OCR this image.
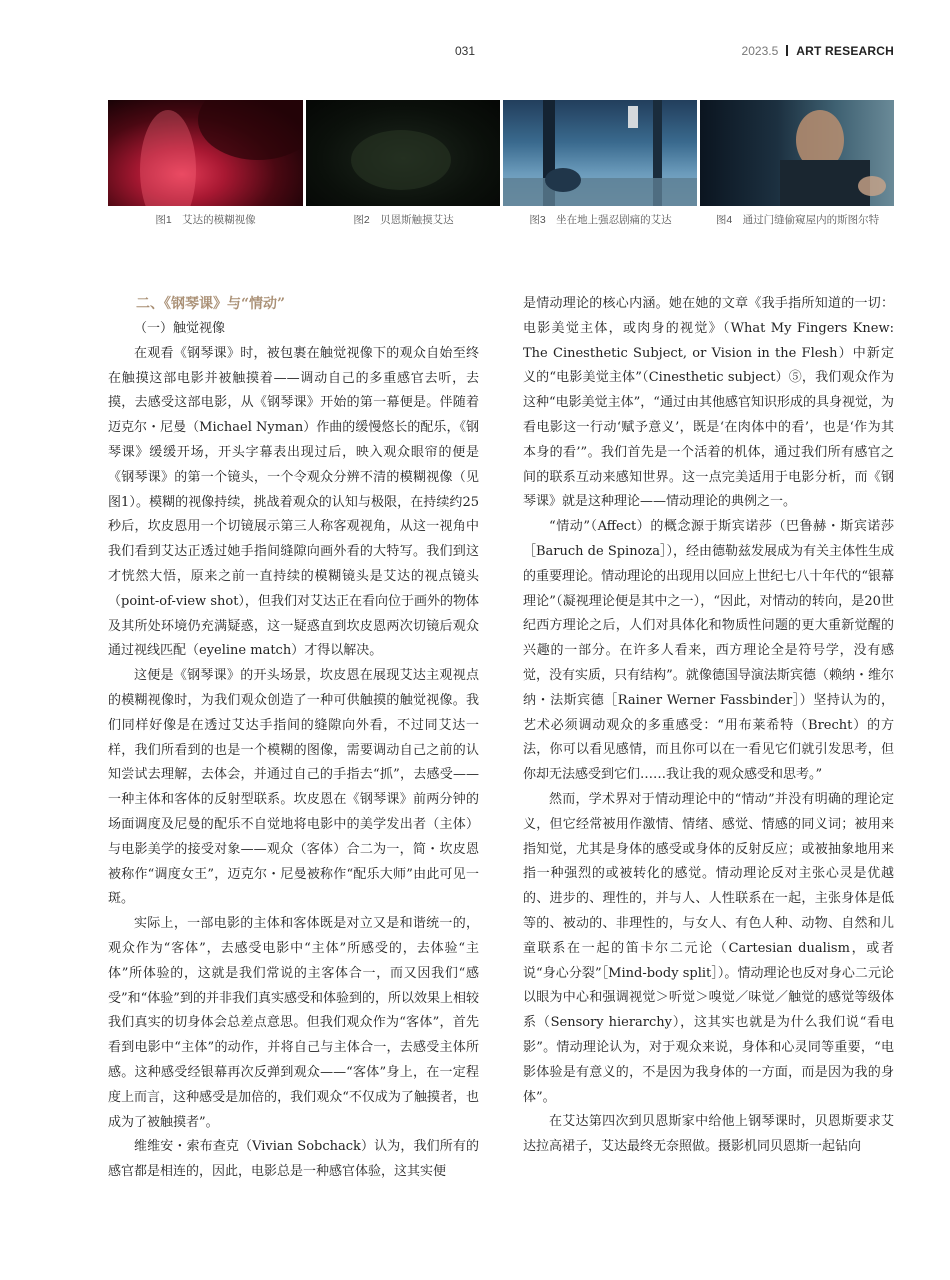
031	2023.5 ART RESEARCH
图1　艾达的模糊视像	图2　贝恩斯触摸艾达	图3　坐在地上强忍剧痛的艾达	图4　通过门缝偷窥屋内的斯图尔特

二、《钢琴课》与“情动”

（一）触觉视像

在观看《钢琴课》时，被包裹在触觉视像下的观众自始至终在触摸这部电影并被触摸着——调动自己的多重感官去听，去摸，去感受这部电影，从《钢琴课》开始的第一幕便是。伴随着迈克尔・尼曼（Michael Nyman）作曲的缓慢悠长的配乐，《钢琴课》缓缓开场，开头字幕表出现过后，映入观众眼帘的便是《钢琴课》的第一个镜头，一个令观众分辨不清的模糊视像（见图1）。模糊的视像持续，挑战着观众的认知与极限，在持续约25秒后，坎皮恩用一个切镜展示第三人称客观视角，从这一视角中我们看到艾达正透过她手指间缝隙向画外看的大特写。我们到这才恍然大悟，原来之前一直持续的模糊镜头是艾达的视点镜头（point-of-view shot），但我们对艾达正在看向位于画外的物体及其所处环境仍充满疑惑，这一疑惑直到坎皮恩两次切镜后观众通过视线匹配（eyeline match）才得以解决。

这便是《钢琴课》的开头场景，坎皮恩在展现艾达主观视点的模糊视像时，为我们观众创造了一种可供触摸的触觉视像。我们同样好像是在透过艾达手指间的缝隙向外看，不过同艾达一样，我们所看到的也是一个模糊的图像，需要调动自己之前的认知尝试去理解，去体会，并通过自己的手指去“抓”，去感受——一种主体和客体的反射型联系。坎皮恩在《钢琴课》前两分钟的场面调度及尼曼的配乐不自觉地将电影中的美学发出者（主体）与电影美学的接受对象——观众（客体）合二为一，简・坎皮恩被称作“调度女王”，迈克尔・尼曼被称作“配乐大师”由此可见一斑。

实际上，一部电影的主体和客体既是对立又是和谐统一的，观众作为“客体”，去感受电影中“主体”所感受的，去体验“主体”所体验的，这就是我们常说的主客体合一，而又因我们“感受”和“体验”到的并非我们真实感受和体验到的，所以效果上相较我们真实的切身体会总差点意思。但我们观众作为“客体”，首先看到电影中“主体”的动作，并将自己与主体合一，去感受主体所感。这种感受经银幕再次反弹到观众——“客体”身上，在一定程度上而言，这种感受是加倍的，我们观众“不仅成为了触摸者，也成为了被触摸者”。

维维安・索布查克（Vivian Sobchack）认为，我们所有的感官都是相连的，因此，电影总是一种感官体验，这其实便

是情动理论的核心内涵。她在她的文章《我手指所知道的一切：电影美觉主体，或肉身的视觉》（What My Fingers Knew: The Cinesthetic Subject, or Vision in the Flesh）中新定义的“电影美觉主体”（Cinesthetic subject）⑤，我们观众作为这种“电影美觉主体”，“通过由其他感官知识形成的具身视觉，为看电影这一行动‘赋予意义’，既是‘在肉体中的看’，也是‘作为其本身的看’”。我们首先是一个活着的机体，通过我们所有感官之间的联系互动来感知世界。这一点完美适用于电影分析，而《钢琴课》就是这种理论——情动理论的典例之一。

“情动”（Affect）的概念源于斯宾诺莎（巴鲁赫・斯宾诺莎［Baruch de Spinoza］），经由德勒兹发展成为有关主体性生成的重要理论。情动理论的出现用以回应上世纪七八十年代的“银幕理论”（凝视理论便是其中之一），“因此，对情动的转向，是20世纪西方理论之后，人们对具体化和物质性问题的更大重新觉醒的兴趣的一部分。在许多人看来，西方理论全是符号学，没有感觉，没有实质，只有结构”。就像德国导演法斯宾德（赖纳・维尔纳・法斯宾德［Rainer Werner Fassbinder］）坚持认为的，艺术必须调动观众的多重感受：“用布莱希特（Brecht）的方法，你可以看见感情，而且你可以在一看见它们就引发思考，但你却无法感受到它们……我让我的观众感受和思考。”

然而，学术界对于情动理论中的“情动”并没有明确的理论定义，但它经常被用作激情、情绪、感觉、情感的同义词；被用来指知觉，尤其是身体的感受或身体的反射反应；或被抽象地用来指一种强烈的或被转化的感觉。情动理论反对主张心灵是优越的、进步的、理性的，并与人、人性联系在一起，主张身体是低等的、被动的、非理性的，与女人、有色人种、动物、自然和儿童联系在一起的笛卡尔二元论（Cartesian dualism，或者说“身心分裂”［Mind-body split］）。情动理论也反对身心二元论以眼为中心和强调视觉＞听觉＞嗅觉／味觉／触觉的感觉等级体系（Sensory hierarchy），这其实也就是为什么我们说“看电影”。情动理论认为，对于观众来说，身体和心灵同等重要，“电影体验是有意义的，不是因为我身体的一方面，而是因为我的身体”。

在艾达第四次到贝恩斯家中给他上钢琴课时，贝恩斯要求艾达拉高裙子，艾达最终无奈照做。摄影机同贝恩斯一起钻向
